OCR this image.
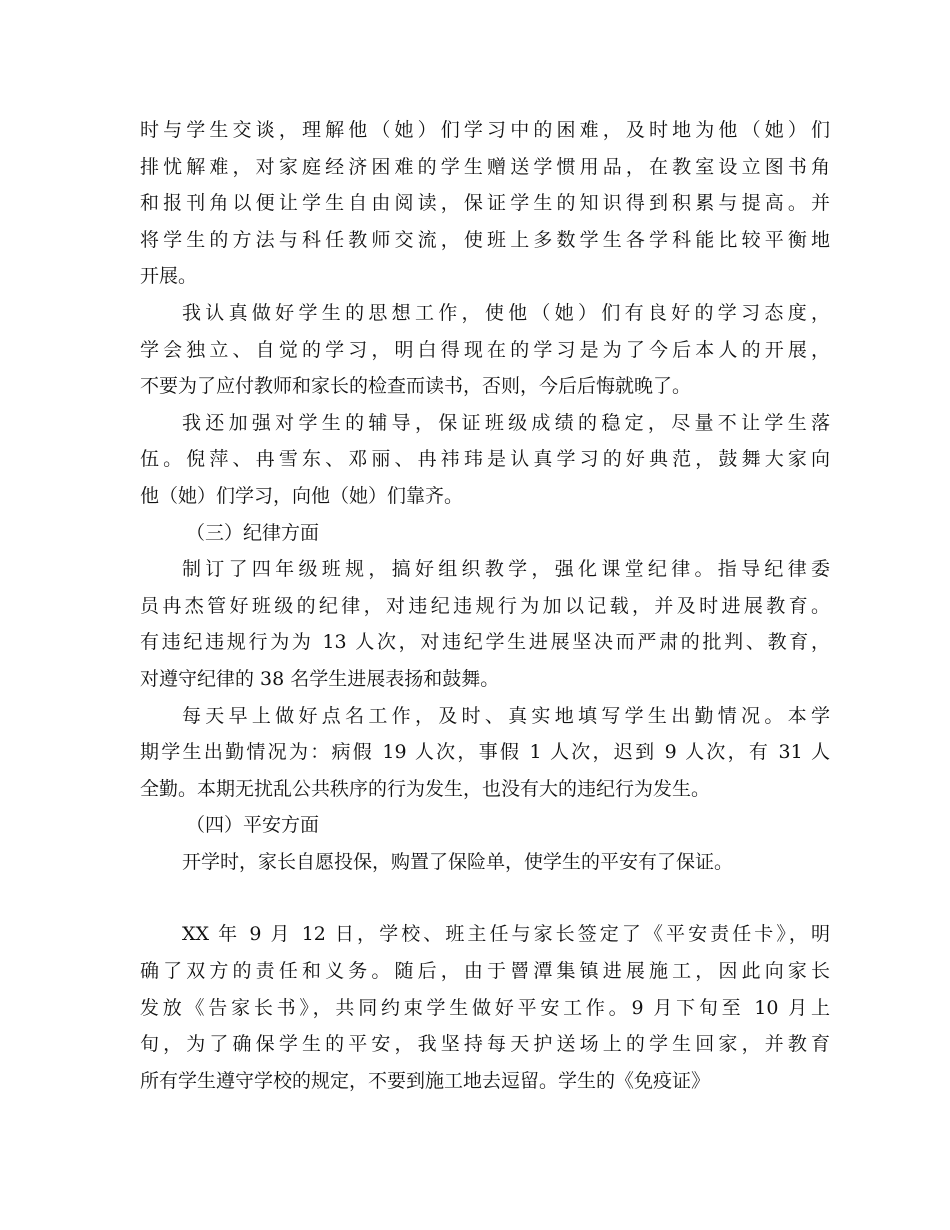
时与学生交谈，理解他（她）们学习中的困难，及时地为他（她）们
排忧解难，对家庭经济困难的学生赠送学惯用品，在教室设立图书角
和报刊角以便让学生自由阅读，保证学生的知识得到积累与提高。并
将学生的方法与科任教师交流，使班上多数学生各学科能比较平衡地
开展。

我认真做好学生的思想工作，使他（她）们有良好的学习态度，
学会独立、自觉的学习，明白得现在的学习是为了今后本人的开展，
不要为了应付教师和家长的检查而读书，否则，今后后悔就晚了。

我还加强对学生的辅导，保证班级成绩的稳定，尽量不让学生落
伍。倪萍、冉雪东、邓丽、冉祎玮是认真学习的好典范，鼓舞大家向
他（她）们学习，向他（她）们靠齐。

（三）纪律方面

制订了四年级班规，搞好组织教学，强化课堂纪律。指导纪律委
员冉杰管好班级的纪律，对违纪违规行为加以记载，并及时进展教育。
有违纪违规行为为 13 人次，对违纪学生进展坚决而严肃的批判、教育，
对遵守纪律的 38 名学生进展表扬和鼓舞。

每天早上做好点名工作，及时、真实地填写学生出勤情况。本学
期学生出勤情况为：病假 19 人次，事假 1 人次，迟到 9 人次，有 31 人
全勤。本期无扰乱公共秩序的行为发生，也没有大的违纪行为发生。

（四）平安方面

开学时，家长自愿投保，购置了保险单，使学生的平安有了保证。

XX 年 9 月 12 日，学校、班主任与家长签定了《平安责任卡》，明
确了双方的责任和义务。随后，由于罾潭集镇进展施工，因此向家长
发放《告家长书》，共同约束学生做好平安工作。9 月下旬至 10 月上
旬，为了确保学生的平安，我坚持每天护送场上的学生回家，并教育
所有学生遵守学校的规定，不要到施工地去逗留。学生的《免疫证》
